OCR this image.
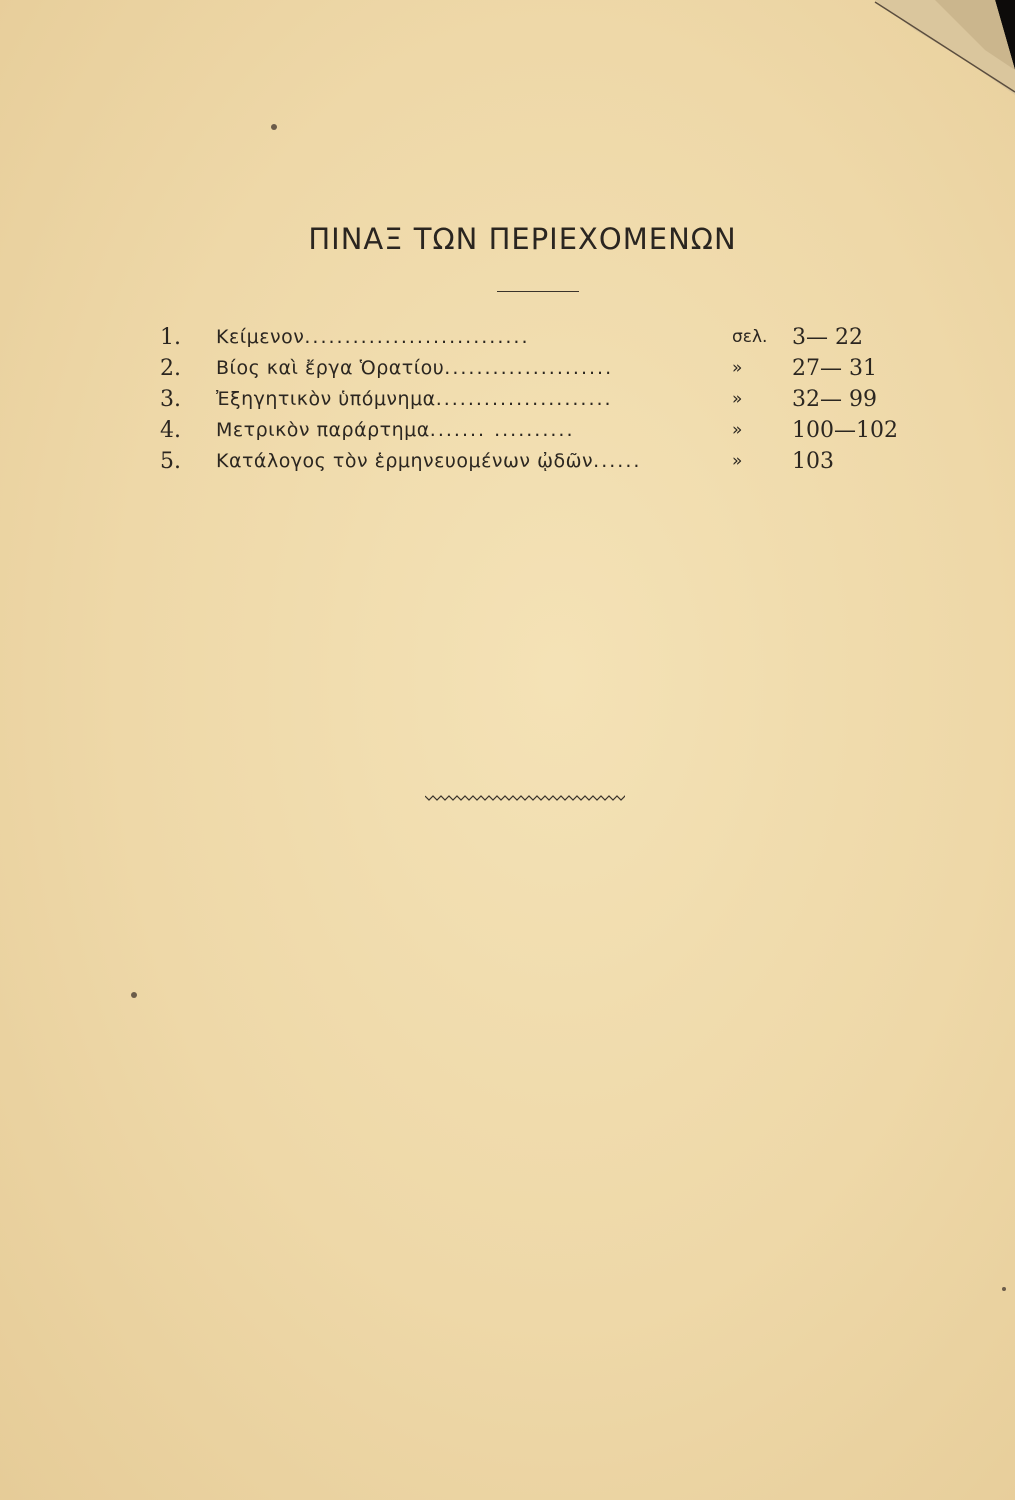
ΠΙΝΑΞ ΤΩΝ ΠΕΡΙΕΧΟΜΕΝΩΝ
1.	Κείμενον............................	σελ.	3— 22
2.	Βίος καὶ ἔργα Ὁρατίου.....................	»	27— 31
3.	Ἐξηγητικὸν ὑπόμνημα......................	»	32— 99
4.	Μετρικὸν παράρτημα....... ..........	»	100—102
5.	Κατάλογος τὸν ἑρμηνευομένων ᾠδῶν......	»	103
